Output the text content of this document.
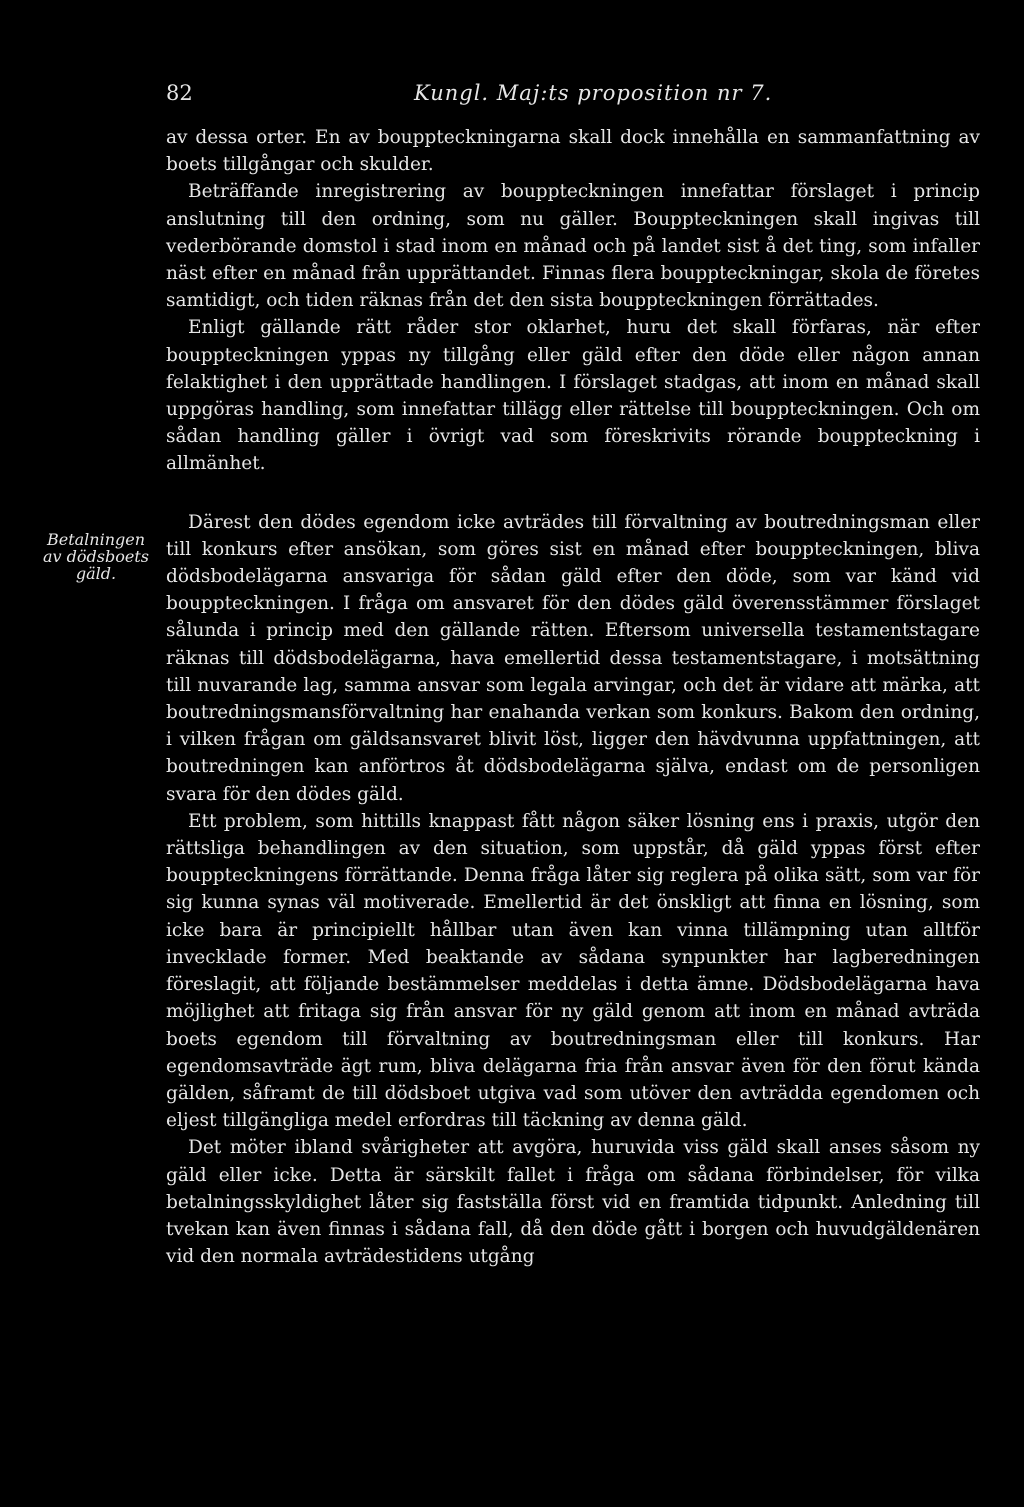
82	Kungl. Maj:ts proposition nr 7.
Betalningen
av dödsboets
gäld.

av dessa orter. En av bouppteckningarna skall dock innehålla en sammanfattning av boets tillgångar och skulder.

Beträffande inregistrering av bouppteckningen innefattar förslaget i princip anslutning till den ordning, som nu gäller. Bouppteckningen skall ingivas till vederbörande domstol i stad inom en månad och på landet sist å det ting, som infaller näst efter en månad från upprättandet. Finnas flera bouppteckningar, skola de företes samtidigt, och tiden räknas från det den sista bouppteckningen förrättades.

Enligt gällande rätt råder stor oklarhet, huru det skall förfaras, när efter bouppteckningen yppas ny tillgång eller gäld efter den döde eller någon annan felaktighet i den upprättade handlingen. I förslaget stadgas, att inom en månad skall uppgöras handling, som innefattar tillägg eller rättelse till bouppteckningen. Och om sådan handling gäller i övrigt vad som föreskrivits rörande bouppteckning i allmänhet.

Därest den dödes egendom icke avträdes till förvaltning av boutredningsman eller till konkurs efter ansökan, som göres sist en månad efter bouppteckningen, bliva dödsbodelägarna ansvariga för sådan gäld efter den döde, som var känd vid bouppteckningen. I fråga om ansvaret för den dödes gäld överensstämmer förslaget sålunda i princip med den gällande rätten. Eftersom universella testamentstagare räknas till dödsbodelägarna, hava emellertid dessa testamentstagare, i motsättning till nuvarande lag, samma ansvar som legala arvingar, och det är vidare att märka, att boutredningsmansförvaltning har enahanda verkan som konkurs. Bakom den ordning, i vilken frågan om gäldsansvaret blivit löst, ligger den hävdvunna uppfattningen, att boutredningen kan anförtros åt dödsbodelägarna själva, endast om de personligen svara för den dödes gäld.

Ett problem, som hittills knappast fått någon säker lösning ens i praxis, utgör den rättsliga behandlingen av den situation, som uppstår, då gäld yppas först efter bouppteckningens förrättande. Denna fråga låter sig reglera på olika sätt, som var för sig kunna synas väl motiverade. Emellertid är det önskligt att finna en lösning, som icke bara är principiellt hållbar utan även kan vinna tillämpning utan alltför invecklade former. Med beaktande av sådana synpunkter har lagberedningen föreslagit, att följande bestämmelser meddelas i detta ämne. Dödsbodelägarna hava möjlighet att fritaga sig från ansvar för ny gäld genom att inom en månad avträda boets egendom till förvaltning av boutredningsman eller till konkurs. Har egendomsavträde ägt rum, bliva delägarna fria från ansvar även för den förut kända gälden, såframt de till dödsboet utgiva vad som utöver den avträdda egendomen och eljest tillgängliga medel erfordras till täckning av denna gäld.

Det möter ibland svårigheter att avgöra, huruvida viss gäld skall anses såsom ny gäld eller icke. Detta är särskilt fallet i fråga om sådana förbindelser, för vilka betalningsskyldighet låter sig fastställa först vid en framtida tidpunkt. Anledning till tvekan kan även finnas i sådana fall, då den döde gått i borgen och huvudgäldenären vid den normala avträdestidens utgång
